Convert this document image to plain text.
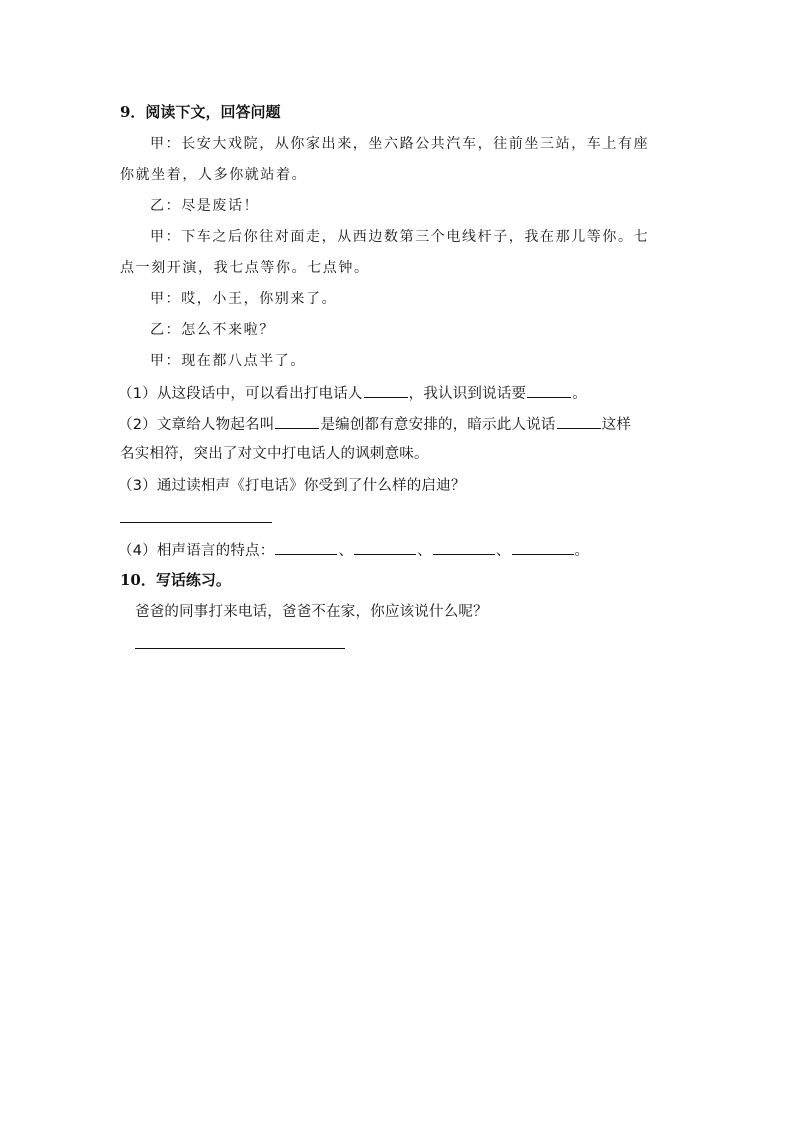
9．阅读下文，回答问题
甲：长安大戏院，从你家出来，坐六路公共汽车，往前坐三站，车上有座
你就坐着，人多你就站着。
乙：尽是废话！
甲：下车之后你往对面走，从西边数第三个电线杆子，我在那儿等你。七
点一刻开演，我七点等你。七点钟。
甲：哎，小王，你别来了。
乙：怎么不来啦？
甲：现在都八点半了。
（1）从这段话中，可以看出打电话人	，我认识到说话要	。
（2）文章给人物起名叫	是编创都有意安排的，暗示此人说话	这样
名实相符，突出了对文中打电话人的讽刺意味。
（3）通过读相声《打电话》你受到了什么样的启迪？
（4）相声语言的特点：	、	、	、	。
10．写话练习。
爸爸的同事打来电话，爸爸不在家，你应该说什么呢？
